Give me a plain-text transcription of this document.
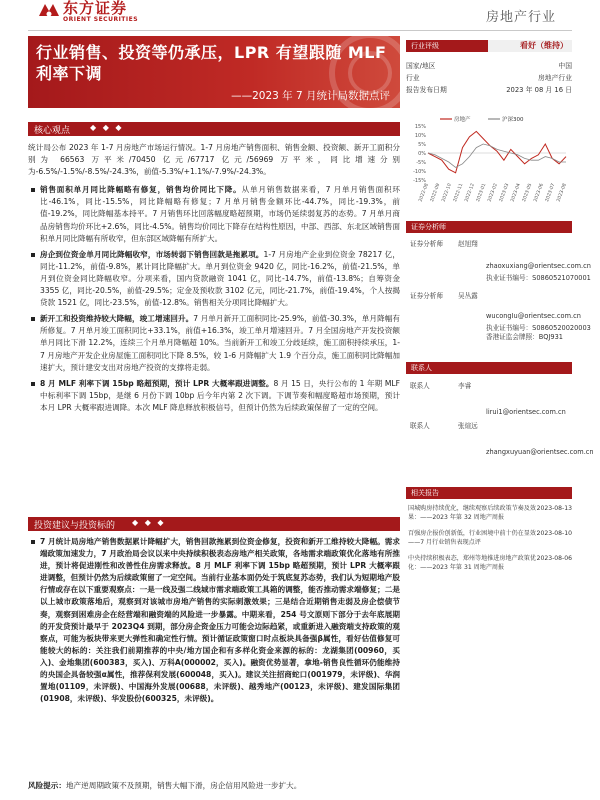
东方证券
ORIENT SECURITIES	房地产行业
行业销售、投资等仍承压，LPR 有望跟随 MLF 利率下调
——2023 年 7 月统计局数据点评
核心观点 ◆ ◆ ◆

统计局公布 2023 年 1-7 月房地产市场运行情况。1-7 月房地产销售面积、销售金额、投资额、新开工面积分别为 66563 万平米/70450 亿元/67717 亿元/56969 万平米，同比增速分别为-6.5%/-1.5%/-8.5%/-24.3%，前值-5.3%/+1.1%/-7.9%/-24.3%。

销售面积单月同比降幅略有修复，销售均价同比下降。从单月销售数据来看，7 月单月销售面积环比-46.1%，同比-15.5%，同比降幅略有修复；7 月单月销售金额环比-44.7%，同比-19.3%，前值-19.2%，同比降幅基本持平。7 月销售环比回落幅度略超预期，市场仍延续弱复苏的态势。7 月单月商品房销售均价环比+2.6%，同比-4.5%。销售均价同比下降存在结构性原因，中部、西部、东北区域销售面积单月同比降幅有所收窄，但东部区域降幅有所扩大。
房企到位资金单月同比降幅收窄，市场转弱下销售回款是拖累项。1-7 月房地产企业到位资金 78217 亿，同比-11.2%，前值-9.8%，累计同比降幅扩大。单月到位资金 9420 亿，同比-16.2%，前值-21.5%，单月到位资金同比降幅收窄。分项来看，国内贷款融资 1041 亿，同比-14.7%，前值-13.8%；自筹资金 3355 亿，同比-20.5%，前值-29.5%；定金及预收款 3102 亿元，同比-21.7%，前值-19.4%，个人按揭贷款 1521 亿，同比-23.5%，前值-12.8%。销售相关分项同比降幅扩大。
新开工和投资维持较大降幅，竣工增速回升。7 月单月新开工面积同比-25.9%，前值-30.3%，单月降幅有所修复。7 月单月竣工面积同比+33.1%，前值+16.3%，竣工单月增速回升。7 月全国房地产开发投资额单月同比下滑 12.2%，连续三个月单月降幅超 10%。当前新开工和竣工分歧延续，施工面积持续承压，1-7 月房地产开发企业房屋施工面积同比下降 8.5%，较 1-6 月降幅扩大 1.9 个百分点，施工面积同比降幅加速扩大，预计建安支出对房地产投资的支撑将走弱。
8 月 MLF 利率下调 15bp 略超预期，预计 LPR 大概率跟进调整。8 月 15 日，央行公布的 1 年期 MLF 中标利率下调 15bp，是继 6 月份下调 10bp 后今年内第 2 次下调。下调节奏和幅度略超市场预期，预计本月 LPR 大概率跟进调降。本次 MLF 降息释放积极信号，但预计仍然为后续政策保留了一定的空间。
投资建议与投资标的 ◆ ◆ ◆
7 月统计局房地产销售数据累计降幅扩大，销售回款拖累到位资金修复，投资和新开工维持较大降幅。需求端政策加速发力，7 月政治局会议以来中央持续积极表态房地产相关政策，各地需求端政策优化落地有所推进，预计将促进刚性和改善性住房需求释放。8 月 MLF 利率下调 15bp 略超预期，预计 LPR 大概率跟进调整，但预计仍然为后续政策留了一定空间。当前行业基本面仍处于筑底复苏态势，我们认为短期地产股行情或存在以下重要观察点：一是一线及强二线城市需求端政策工具箱的调整，能否推动需求端修复；二是以上城市政策落地后，观察到对该城市房地产销售的实际刺激效果；三是结合近期销售走弱及房企偿债节奏，观察到困难房企在经营端和融资端的风险进一步暴露。中期来看，254 号文原则下部分于去年底展期的开发贷预计最早于 2023Q4 到期，部分房企资金压力可能会边际趋紧，或重新进入融资端支持政策的观察点，可能为板块带来更大弹性和确定性行情。预计循证政策窗口时点板块具备强β属性，看好估值修复可能较大的标的：关注我们前期推荐的中央/地方国企和有多样化资金来源的标的：龙湖集团(00960，买入)、金地集团(600383，买入)、万科A(000002，买入)。融资优势显著，拿地-销售良性循环仍能维持的央国企具备较强α属性，推荐保利发展(600048，买入)。建议关注招商蛇口(001979，未评级)、华润置地(01109，未评级)、中国海外发展(00688，未评级)、越秀地产(00123，未评级)、建发国际集团(01908，未评级)、华发股份(600325，未评级)。
风险提示：地产逆周期政策不及预期，销售大幅下滑，房企信用风险进一步扩大。
行业评级	看好（维持）
国家/地区	中国
行业	房地产行业
报告发布日期	2023 年 08 月 16 日
15%
10%
5%
0%
-5%
-10%
-15%
2022-08 2022-09 2022-10 2022-11 2022-12 2023-01 2023-02 2023-03 2023-04 2023-05 2023-06 2023-07 2023-08
房地产	沪深300
证券分析师
证券分析师 赵旭翔
zhaoxuxiang@orientsec.com.cn
执业证书编号：S0860521070001
证券分析师 吴丛露
wucongIu@orientsec.com.cn
执业证书编号：S0860520020003
香港证监会牌照：BQJ931
联系人
联系人	李睿
lirui1@orientsec.com.cn
联系人	张煊远
zhangxuyuan@orientsec.com.cn
相关报告
国城购房持续优化，继续观察后续政策节奏及效果：——2023 年第 32 周地产周报
2023-08-13
百强房企报价创新低，行业困境中前十仍在显效：——7 月行业销售表现点评
2023-08-10
中央持续积极表态，郑州等地推进房地产政策优化：——2023 年第 31 周地产周报
2023-08-06
